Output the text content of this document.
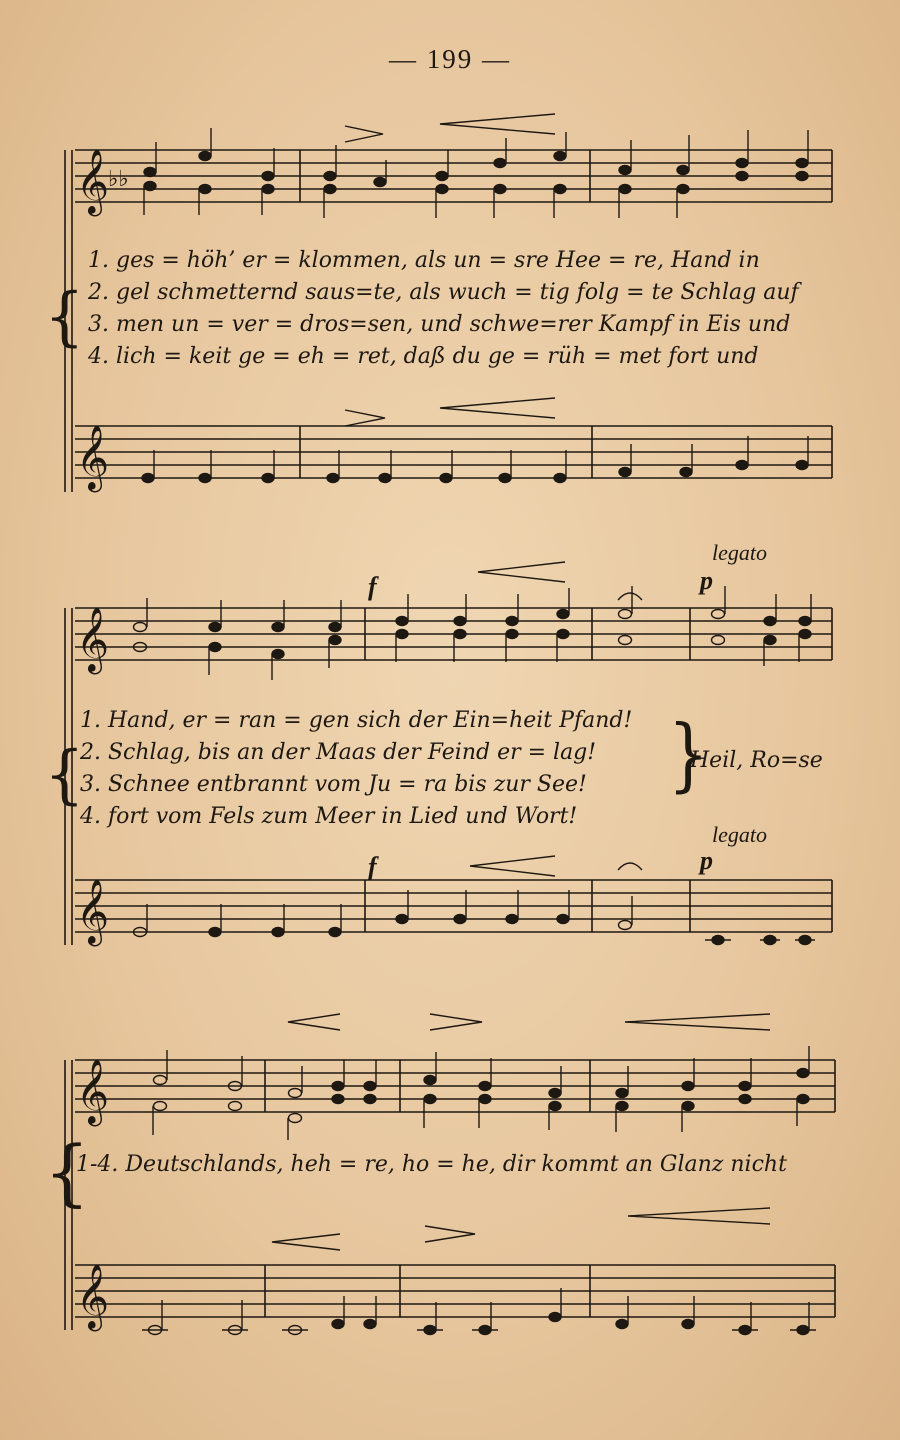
— 199 —
𝄞
𝄞
♭♭
1. ges = höh’ er = klommen, als un = sre Hee = re, Hand in
2. gel schmetternd saus=te, als wuch = tig folg = te Schlag auf
3. men un = ver = dros=sen, und schwe=rer Kampf in Eis und
4. lich = keit ge = eh = ret, daß du ge = rüh = met fort und
{
𝄞
𝄞
legato
p
f
1. Hand, er = ran = gen sich der Ein=heit Pfand!
2. Schlag, bis an der Maas der Feind er = lag!
3. Schnee entbrannt vom Ju = ra bis zur See!
4. fort vom Fels zum Meer in Lied und Wort!
{	}
Heil, Ro=se
legato
p
f
𝄞
𝄞
1-4. Deutschlands, heh = re, ho = he, dir kommt an Glanz nicht
{
